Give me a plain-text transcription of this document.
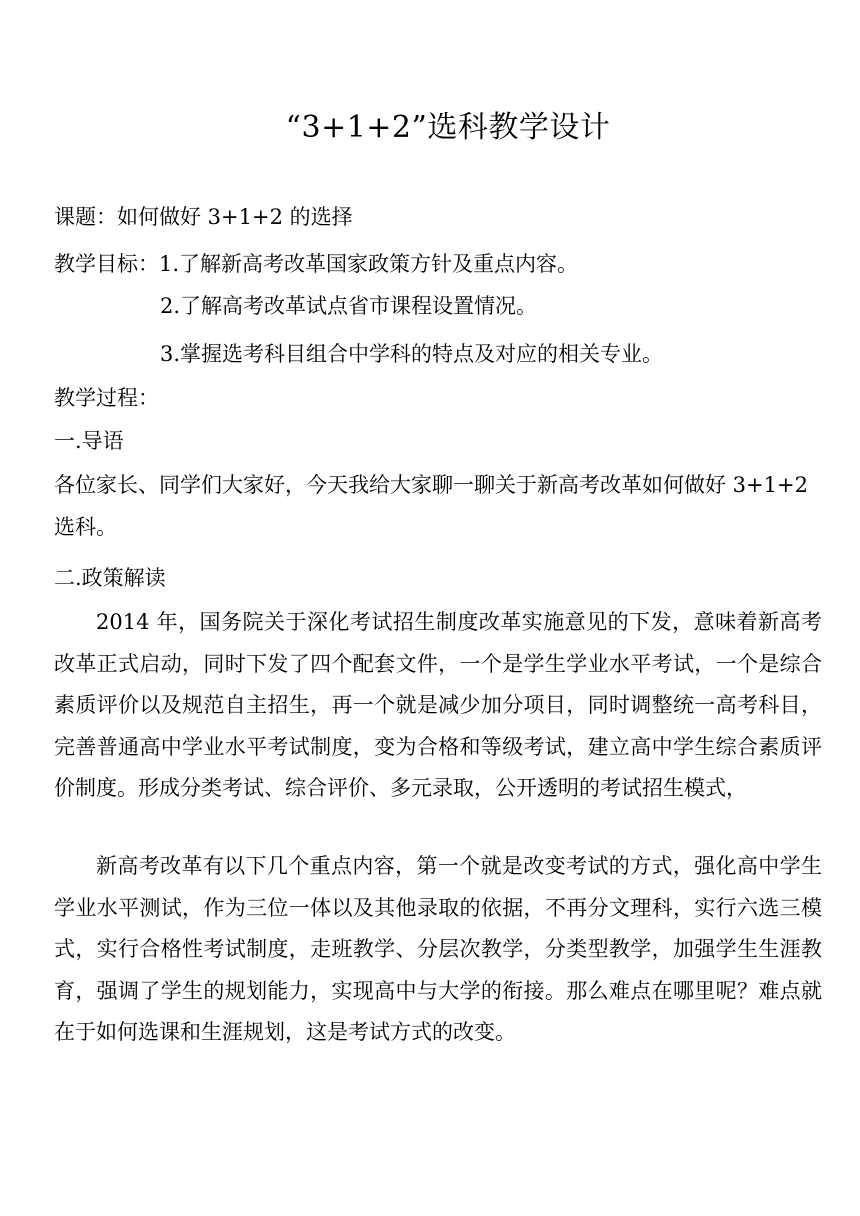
“3+1+2”选科教学设计
课题：如何做好 3+1+2 的选择
教学目标：1.了解新高考改革国家政策方针及重点内容。
2.了解高考改革试点省市课程设置情况。
3.掌握选考科目组合中学科的特点及对应的相关专业。
教学过程：
一.导语

各位家长、同学们大家好，今天我给大家聊一聊关于新高考改革如何做好 3+1+2 选科。

二.政策解读

2014 年，国务院关于深化考试招生制度改革实施意见的下发，意味着新高考改革正式启动，同时下发了四个配套文件，一个是学生学业水平考试，一个是综合素质评价以及规范自主招生，再一个就是减少加分项目，同时调整统一高考科目，完善普通高中学业水平考试制度，变为合格和等级考试，建立高中学生综合素质评价制度。形成分类考试、综合评价、多元录取，公开透明的考试招生模式，

新高考改革有以下几个重点内容，第一个就是改变考试的方式，强化高中学生学业水平测试，作为三位一体以及其他录取的依据，不再分文理科，实行六选三模式，实行合格性考试制度，走班教学、分层次教学，分类型教学，加强学生生涯教育，强调了学生的规划能力，实现高中与大学的衔接。那么难点在哪里呢？难点就在于如何选课和生涯规划，这是考试方式的改变。
